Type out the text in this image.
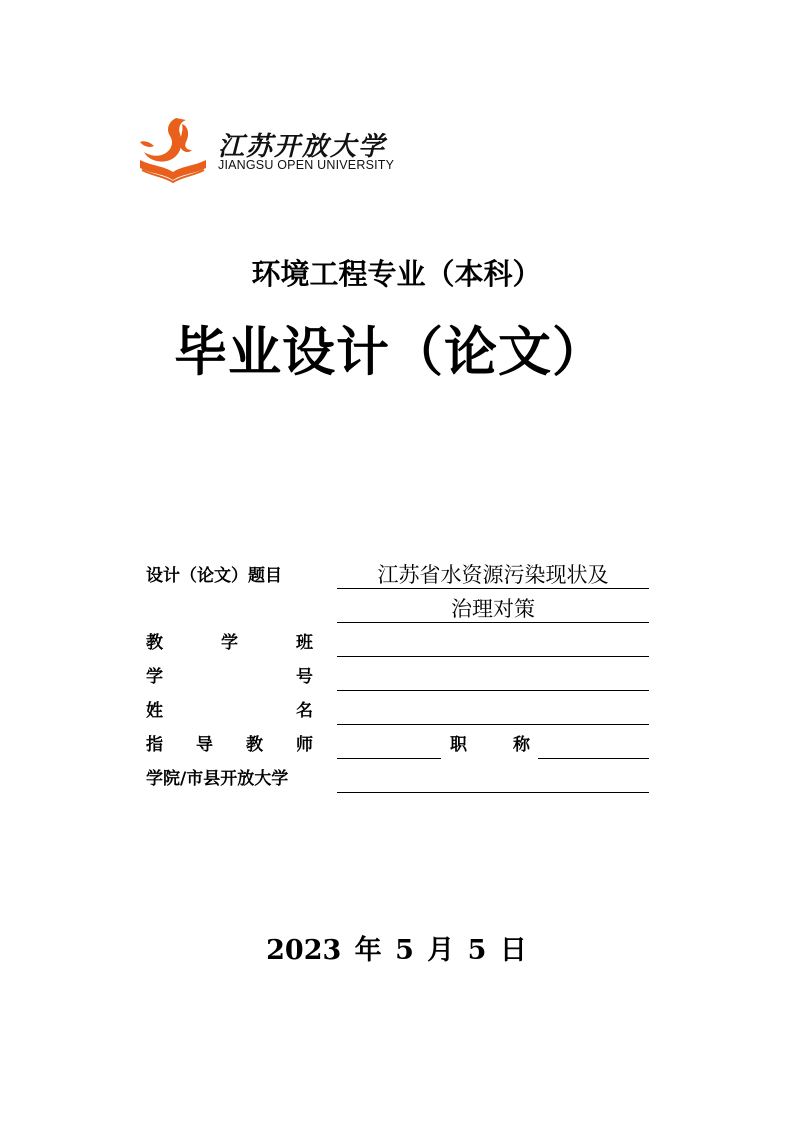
江苏开放大学
JIANGSU OPEN UNIVERSITY
环境工程专业（本科）
毕业设计（论文）
设计（论文）题目	江苏省水资源污染现状及
治理对策
教	学	班
学	号
姓	名
指 导 教 师	职	称
学院/市县开放大学
2023 年 5 月 5 日
